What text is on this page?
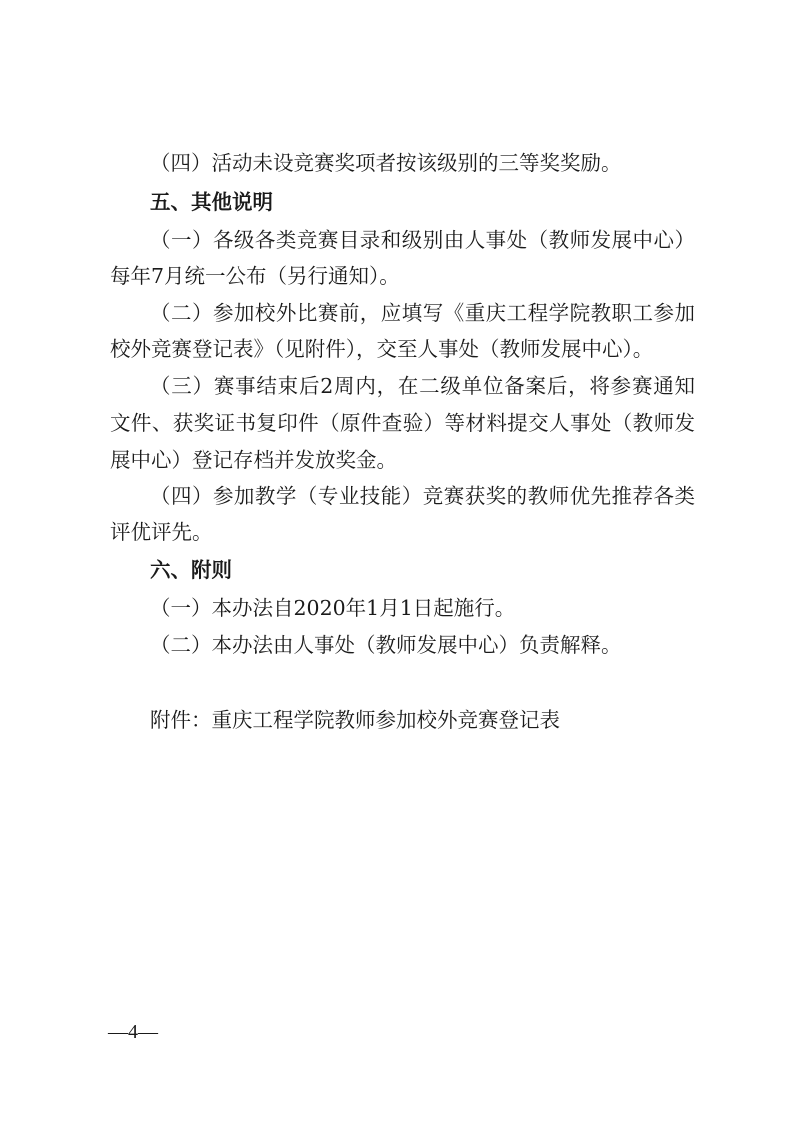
（四）活动未设竞赛奖项者按该级别的三等奖奖励。
五、其他说明
（一）各级各类竞赛目录和级别由人事处（教师发展中心）
每年7月统一公布（另行通知）。
（二）参加校外比赛前，应填写《重庆工程学院教职工参加
校外竞赛登记表》（见附件），交至人事处（教师发展中心）。
（三）赛事结束后2周内，在二级单位备案后，将参赛通知
文件、获奖证书复印件（原件查验）等材料提交人事处（教师发
展中心）登记存档并发放奖金。
（四）参加教学（专业技能）竞赛获奖的教师优先推荐各类
评优评先。
六、附则
（一）本办法自2020年1月1日起施行。
（二）本办法由人事处（教师发展中心）负责解释。
附件：重庆工程学院教师参加校外竞赛登记表
—4—
